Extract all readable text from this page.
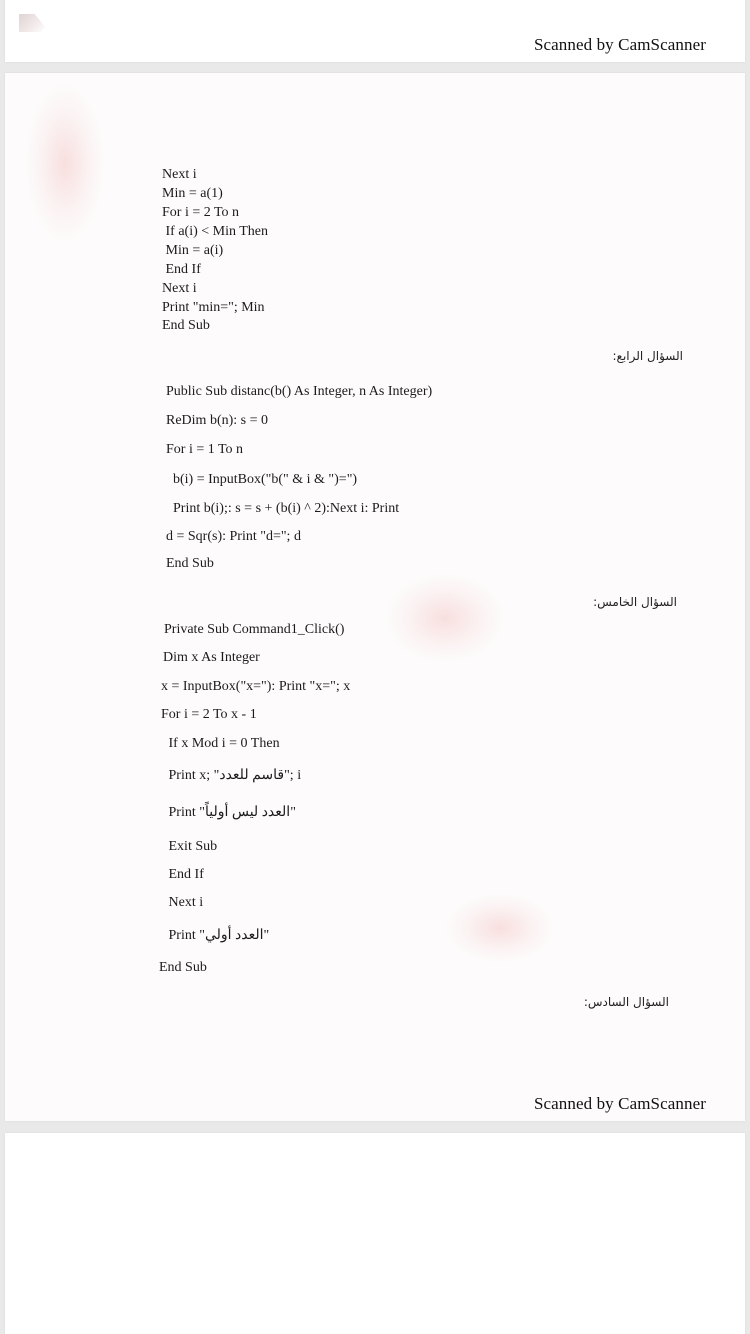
Scanned by CamScanner
Next i
Min = a(1)
For i = 2 To n
If a(i) < Min Then
Min = a(i)
End If
Next i
Print "min="; Min
End Sub
السؤال الرابع:
Public Sub distanc(b() As Integer, n As Integer)
ReDim b(n): s = 0
For i = 1 To n
b(i) = InputBox("b(" & i & ")=")
Print b(i);: s = s + (b(i) ^ 2):Next i: Print
d = Sqr(s): Print "d="; d
End Sub
السؤال الخامس:
Private Sub Command1_Click()
Dim x As Integer
x = InputBox("x="): Print "x="; x
For i = 2 To x - 1
If x Mod i = 0 Then
Print x; "قاسم للعدد"; i
Print "العدد ليس أولياً"
Exit Sub
End If
Next i
Print "العدد أولي"
End Sub
السؤال السادس:
Scanned by CamScanner
